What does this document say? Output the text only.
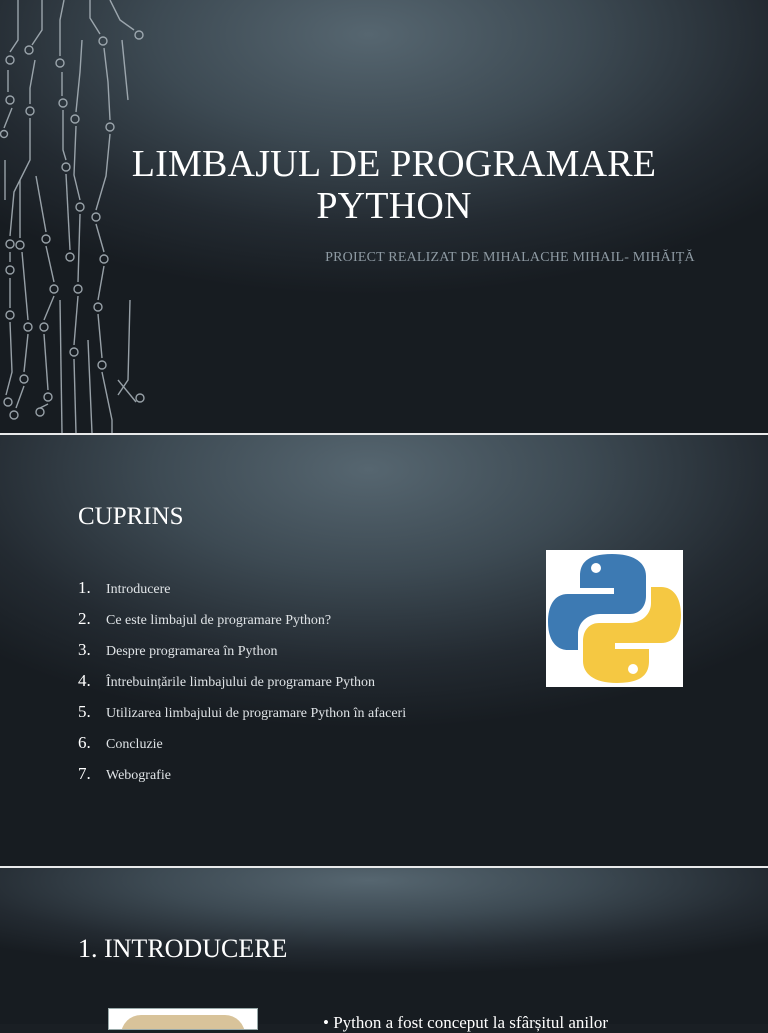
LIMBAJUL DE PROGRAMARE
PYTHON
PROIECT REALIZAT DE MIHALACHE MIHAIL- MIHĂIȚĂ
CUPRINS
1.	Introducere
2.	Ce este limbajul de programare Python?
3.	Despre programarea în Python
4.	Întrebuințările limbajului de programare Python
5.	Utilizarea limbajului de programare Python în afaceri
6.	Concluzie
7.	Webografie
1. INTRODUCERE
• Python a fost conceput la sfârșitul anilor
